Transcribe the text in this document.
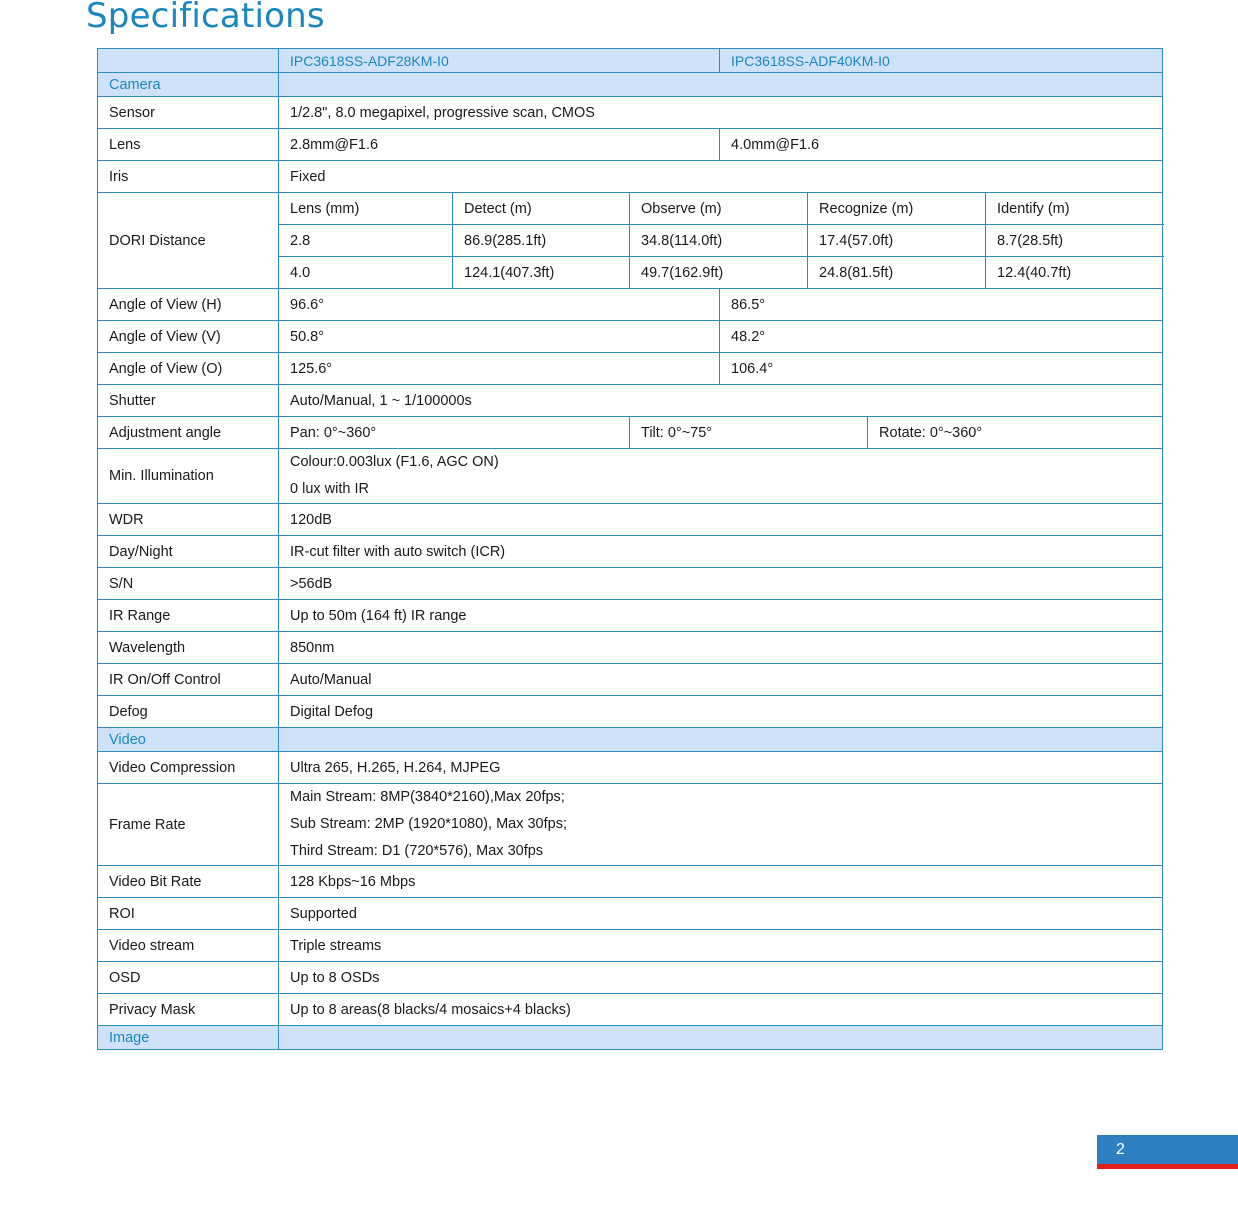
Specifications
	IPC3618SS-ADF28KM-I0			IPC3618SS-ADF40KM-I0			
Camera							
Sensor	1/2.8", 8.0 megapixel, progressive scan, CMOS						
Lens	2.8mm@F1.6			4.0mm@F1.6			
Iris	Fixed						
DORI Distance	Lens (mm)	Detect (m)	Observe (m)		Recognize (m)		Identify (m)
	2.8	86.9(285.1ft)	34.8(114.0ft)		17.4(57.0ft)		8.7(28.5ft)
	4.0	124.1(407.3ft)	49.7(162.9ft)		24.8(81.5ft)		12.4(40.7ft)
Angle of View (H)	96.6°			86.5°			
Angle of View (V)	50.8°			48.2°			
Angle of View (O)	125.6°			106.4°			
Shutter	Auto/Manual, 1 ~ 1/100000s						
Adjustment angle	Pan: 0°~360°		Tilt: 0°~75°			Rotate: 0°~360°	
Min. Illumination	Colour:0.003lux (F1.6, AGC ON)
0 lux with IR						

WDR	120dB						
Day/Night	IR-cut filter with auto switch (ICR)						
S/N	>56dB						
IR Range	Up to 50m (164 ft) IR range						
Wavelength	850nm						
IR On/Off Control	Auto/Manual						
Defog	Digital Defog						
Video							
Video Compression	Ultra 265, H.265, H.264, MJPEG						
Frame Rate	Main Stream: 8MP(3840*2160),Max 20fps;
Sub Stream: 2MP (1920*1080), Max 30fps;
Third Stream: D1 (720*576), Max 30fps						

Video Bit Rate	128 Kbps~16 Mbps						
ROI	Supported						
Video stream	Triple streams						
OSD	Up to 8 OSDs						
Privacy Mask	Up to 8 areas(8 blacks/4 mosaics+4 blacks)						
Image							
2
